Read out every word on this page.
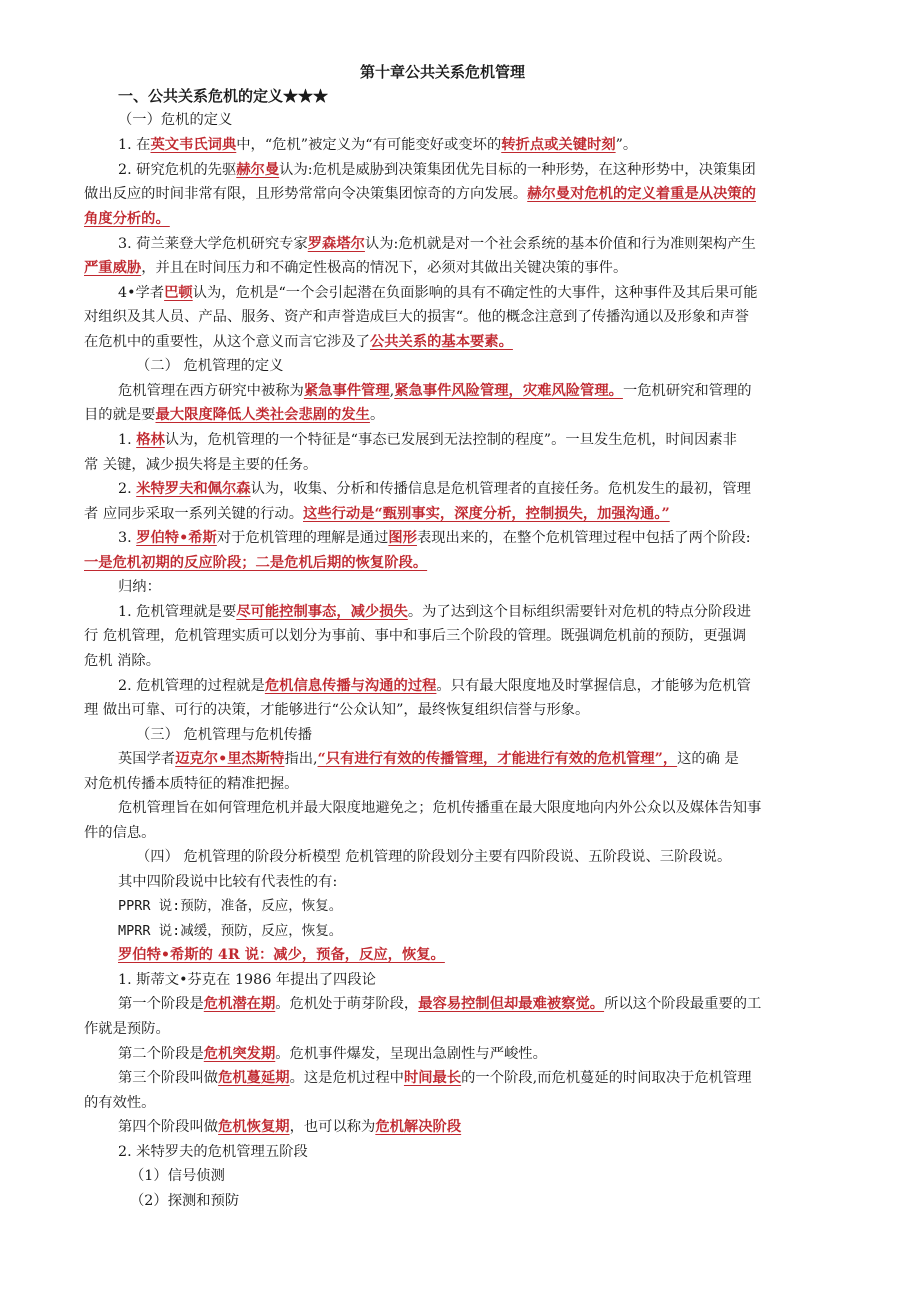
第十章公共关系危机管理
一、公共关系危机的定义★★★
（一）危机的定义
1. 在英文韦氏词典中，“危机”被定义为“有可能变好或变坏的转折点或关键时刻”。
2. 研究危机的先驱赫尔曼认为:危机是威胁到决策集团优先目标的一种形势，在这种形势中，决策集团
做出反应的时间非常有限，且形势常常向令决策集团惊奇的方向发展。赫尔曼对危机的定义着重是从决策的
角度分析的。
3. 荷兰莱登大学危机研究专家罗森塔尔认为:危机就是对一个社会系统的基本价值和行为准则架构产生
严重威胁，并且在时间压力和不确定性极高的情况下，必须对其做出关键决策的事件。
4•学者巴顿认为，危机是“一个会引起潜在负面影响的具有不确定性的大事件，这种事件及其后果可能
对组织及其人员、产品、服务、资产和声誉造成巨大的损害“。他的概念注意到了传播沟通以及形象和声誉
在危机中的重要性，从这个意义而言它涉及了公共关系的基本要素。
（二） 危机管理的定义
危机管理在西方研究中被称为紧急事件管理,紧急事件风险管理，灾难风险管理。一危机研究和管理的
目的就是要最大限度降低人类社会悲剧的发生。
1. 格林认为，危机管理的一个特征是“事态已发展到无法控制的程度”。一旦发生危机，时间因素非
常 关键，减少损失将是主要的任务。
2. 米特罗夫和佩尔森认为，收集、分析和传播信息是危机管理者的直接任务。危机发生的最初，管理
者 应同步采取一系列关键的行动。这些行动是“甄别事实，深度分析，控制损失，加强沟通。”
3. 罗伯特•希斯对于危机管理的理解是通过图形表现出来的，在整个危机管理过程中包括了两个阶段:
一是危机初期的反应阶段；二是危机后期的恢复阶段。
归纳：
1. 危机管理就是要尽可能控制事态，减少损失。为了达到这个目标组织需要针对危机的特点分阶段进
行 危机管理，危机管理实质可以划分为事前、事中和事后三个阶段的管理。既强调危机前的预防，更强调
危机 消除。
2. 危机管理的过程就是危机信息传播与沟通的过程。只有最大限度地及时掌握信息，才能够为危机管
理 做出可靠、可行的决策，才能够进行“公众认知”，最终恢复组织信誉与形象。
（三） 危机管理与危机传播
英国学者迈克尔•里杰斯特指出,“只有进行有效的传播管理，才能进行有效的危机管理”，这的确 是
对危机传播本质特征的精准把握。
危机管理旨在如何管理危机并最大限度地避免之；危机传播重在最大限度地向内外公众以及媒体告知事
件的信息。
（四） 危机管理的阶段分析模型 危机管理的阶段划分主要有四阶段说、五阶段说、三阶段说。
其中四阶段说中比较有代表性的有:
PPRR 说:预防，准备，反应，恢复。
MPRR 说:减缓，预防，反应，恢复。
罗伯特•希斯的 4R 说：减少，预备，反应，恢复。
1. 斯蒂文•芬克在 1986 年提出了四段论
第一个阶段是危机潜在期。危机处于萌芽阶段，最容易控制但却最难被察觉。所以这个阶段最重要的工
作就是预防。
第二个阶段是危机突发期。危机事件爆发，呈现出急剧性与严峻性。
第三个阶段叫做危机蔓延期。这是危机过程中时间最长的一个阶段,而危机蔓延的时间取决于危机管理
的有效性。
第四个阶段叫做危机恢复期，也可以称为危机解决阶段
2. 米特罗夫的危机管理五阶段
（1）信号侦测
（2）探测和预防
